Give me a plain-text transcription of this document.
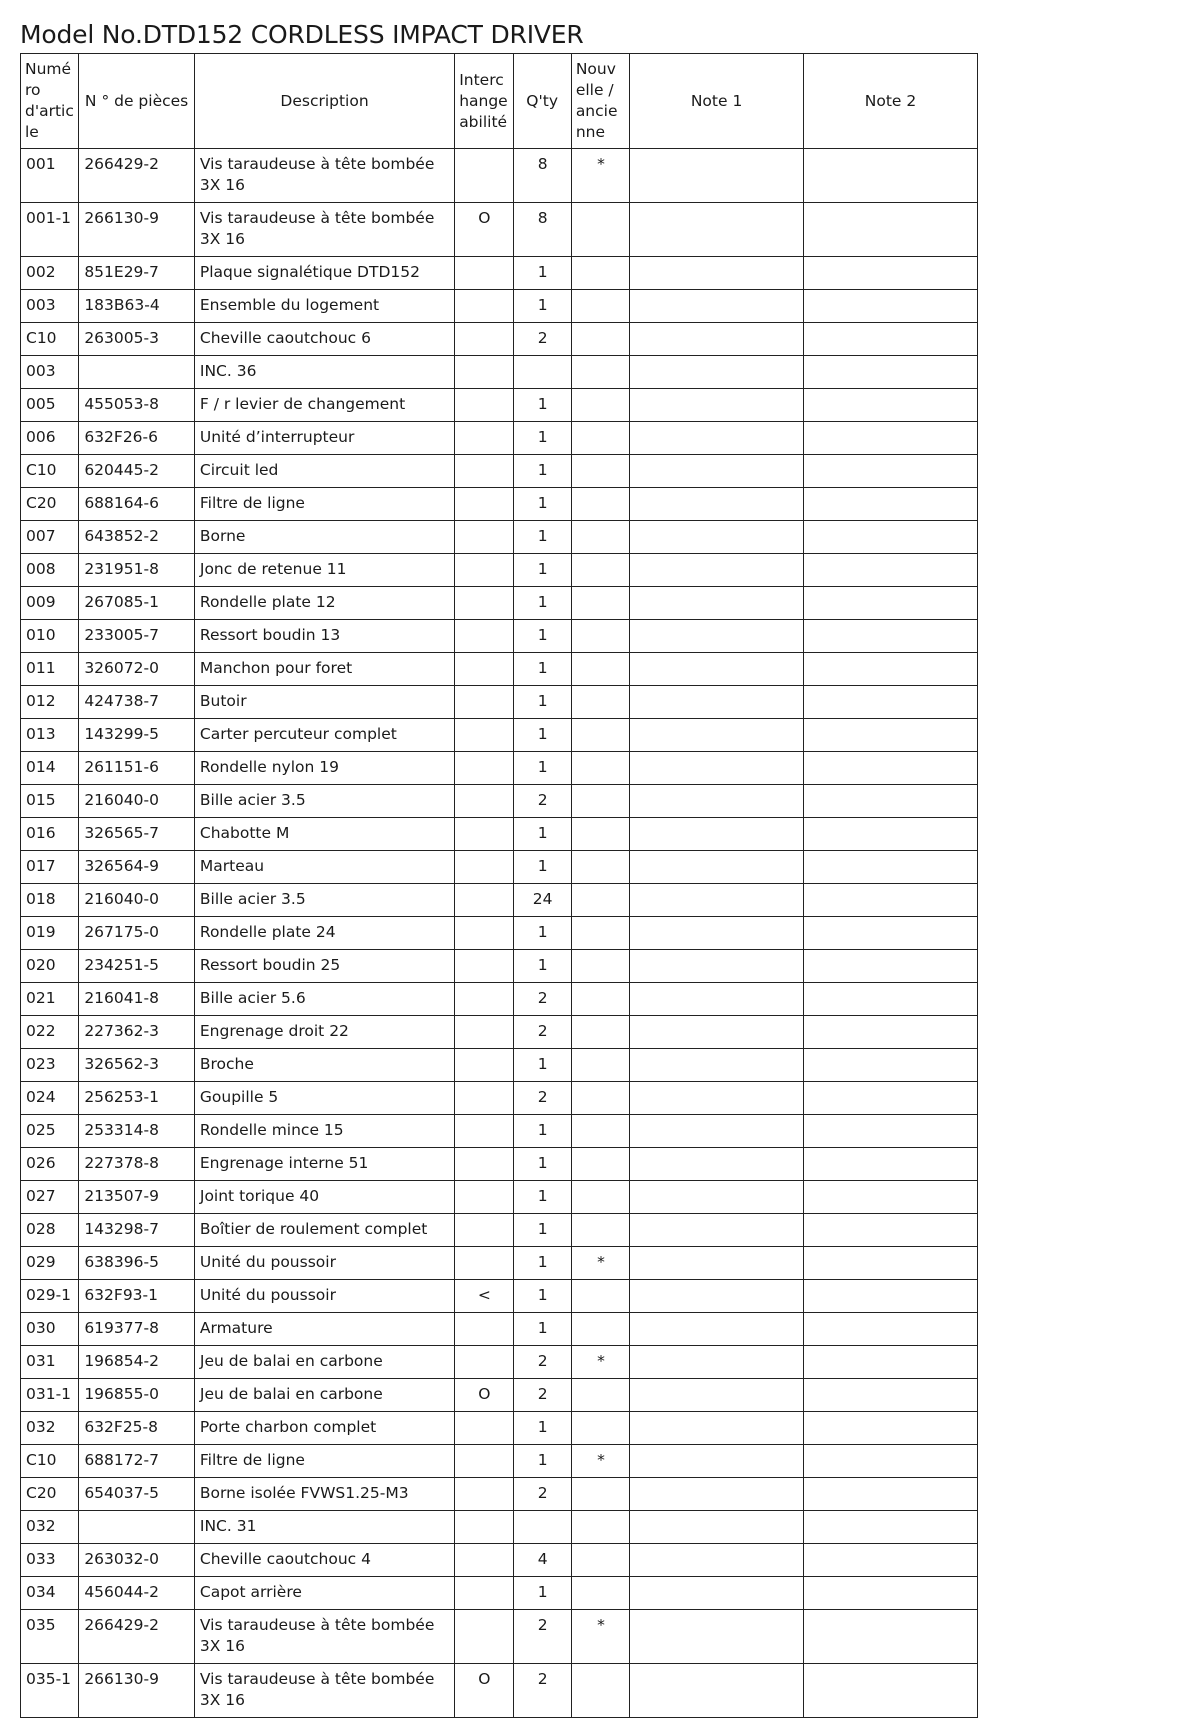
Model No.DTD152 CORDLESS IMPACT DRIVER
Numéro d'article	N ° de pièces	Description	Interchangeabilité	Q'ty	Nouvelle / ancienne	Note 1	Note 2
001	266429-2	Vis taraudeuse à tête bombée 3X 16		8	*		
001-1	266130-9	Vis taraudeuse à tête bombée 3X 16	O	8			
002	851E29-7	Plaque signalétique DTD152		1			
003	183B63-4	Ensemble du logement		1			
C10	263005-3	Cheville caoutchouc 6		2			
003		INC. 36					
005	455053-8	F / r levier de changement		1			
006	632F26-6	Unité d’interrupteur		1			
C10	620445-2	Circuit led		1			
C20	688164-6	Filtre de ligne		1			
007	643852-2	Borne		1			
008	231951-8	Jonc de retenue 11		1			
009	267085-1	Rondelle plate 12		1			
010	233005-7	Ressort boudin 13		1			
011	326072-0	Manchon pour foret		1			
012	424738-7	Butoir		1			
013	143299-5	Carter percuteur complet		1			
014	261151-6	Rondelle nylon 19		1			
015	216040-0	Bille acier 3.5		2			
016	326565-7	Chabotte M		1			
017	326564-9	Marteau		1			
018	216040-0	Bille acier 3.5		24			
019	267175-0	Rondelle plate 24		1			
020	234251-5	Ressort boudin 25		1			
021	216041-8	Bille acier 5.6		2			
022	227362-3	Engrenage droit 22		2			
023	326562-3	Broche		1			
024	256253-1	Goupille 5		2			
025	253314-8	Rondelle mince 15		1			
026	227378-8	Engrenage interne 51		1			
027	213507-9	Joint torique 40		1			
028	143298-7	Boîtier de roulement complet		1			
029	638396-5	Unité du poussoir		1	*		
029-1	632F93-1	Unité du poussoir	<	1			
030	619377-8	Armature		1			
031	196854-2	Jeu de balai en carbone		2	*		
031-1	196855-0	Jeu de balai en carbone	O	2			
032	632F25-8	Porte charbon complet		1			
C10	688172-7	Filtre de ligne		1	*		
C20	654037-5	Borne isolée FVWS1.25-M3		2			
032		INC. 31					
033	263032-0	Cheville caoutchouc 4		4			
034	456044-2	Capot arrière		1			
035	266429-2	Vis taraudeuse à tête bombée 3X 16		2	*		
035-1	266130-9	Vis taraudeuse à tête bombée 3X 16	O	2			
